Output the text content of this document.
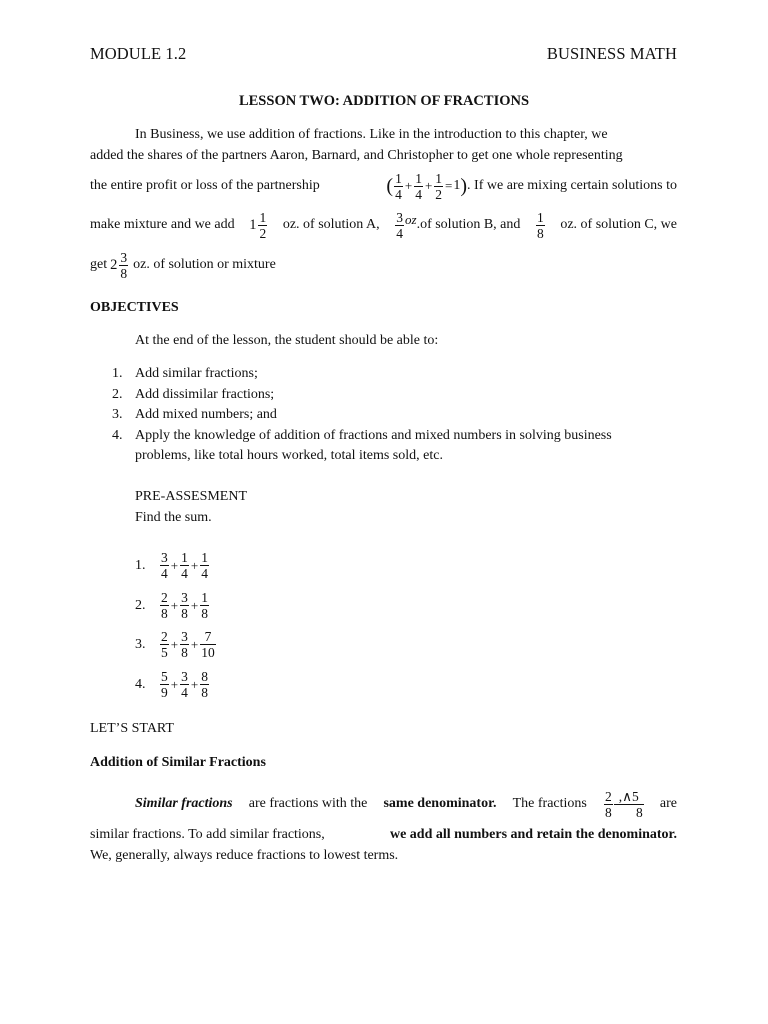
MODULE 1.2	BUSINESS MATH
LESSON TWO: ADDITION OF FRACTIONS
In Business, we use addition of fractions. Like in the introduction to this chapter, we
added the shares of the partners Aaron, Barnard, and Christopher to get one whole representing
the entire profit or loss of the partnership	( $\frac{1}{4} + \frac{1}{4} + \frac{1}{2} = 1$ ) . If we are mixing certain solutions to
make mixture and we add $1 \frac{1}{2}$ oz. of solution A, $\frac{3}{4}$ oz .of solution B, and $\frac{1}{8}$ oz. of solution C, we
get $2 \frac{3}{8}$ oz. of solution or mixture
OBJECTIVES
At the end of the lesson, the student should be able to:
1. Add similar fractions;
2. Add dissimilar fractions;
3. Add mixed numbers; and
4. Apply the knowledge of addition of fractions and mixed numbers in solving business
problems, like total hours worked, total items sold, etc.
PRE-ASSESMENT
Find the sum.
1.	$\frac{3}{4} + \frac{1}{4} + \frac{1}{4}$
2.	$\frac{2}{8} + \frac{3}{8} + \frac{1}{8}$
3.	$\frac{2}{5} + \frac{3}{8} + \frac{7}{10}$
4.	$\frac{5}{9} + \frac{3}{4} + \frac{8}{8}$
LET’S START
Addition of Similar Fractions
Similar fractions are fractions with the same denominator. The fractions $\frac{2}{8} \frac{,\wedge 5}{8}$ are
similar fractions. To add similar fractions,	we add all numbers and retain the denominator.
We, generally, always reduce fractions to lowest terms.
